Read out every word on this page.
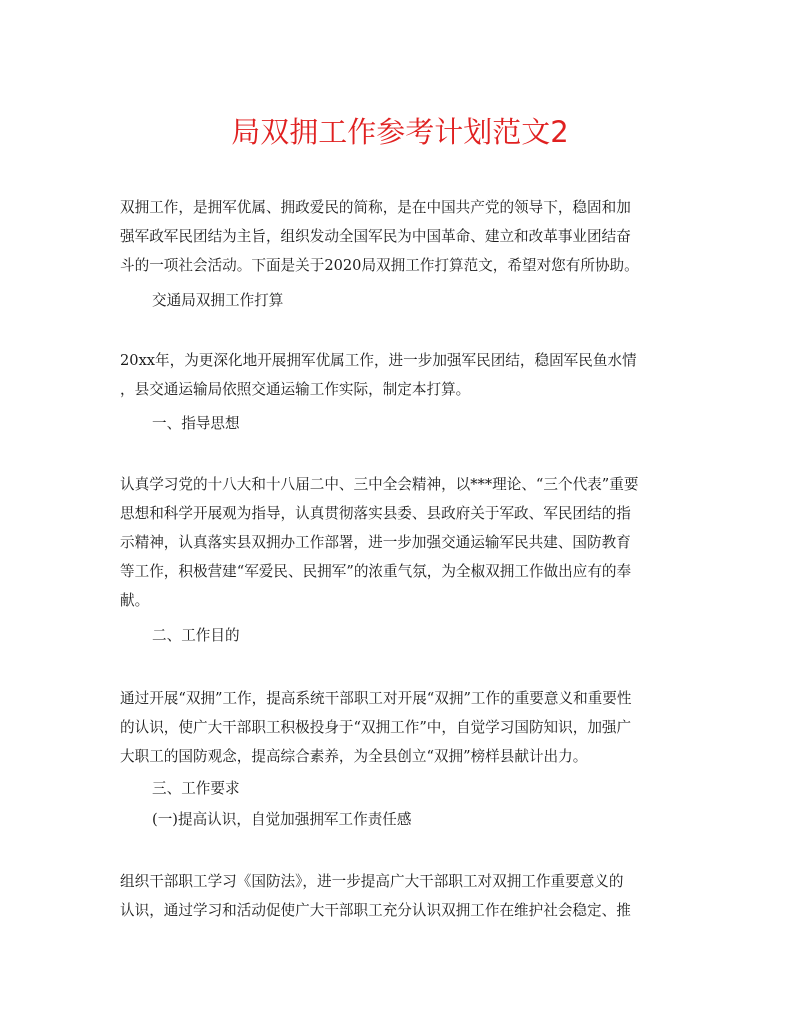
局双拥工作参考计划范文2
双拥工作，是拥军优属、拥政爱民的简称，是在中国共产党的领导下，稳固和加
强军政军民团结为主旨，组织发动全国军民为中国革命、建立和改革事业团结奋
斗的一项社会活动。下面是关于2020局双拥工作打算范文，希望对您有所协助。
交通局双拥工作打算
20xx年，为更深化地开展拥军优属工作，进一步加强军民团结，稳固军民鱼水情
，县交通运输局依照交通运输工作实际，制定本打算。
一、指导思想
认真学习党的十八大和十八届二中、三中全会精神，以***理论、“三个代表”重要
思想和科学开展观为指导，认真贯彻落实县委、县政府关于军政、军民团结的指
示精神，认真落实县双拥办工作部署，进一步加强交通运输军民共建、国防教育
等工作，积极营建“军爱民、民拥军”的浓重气氛，为全椒双拥工作做出应有的奉
献。
二、工作目的
通过开展“双拥”工作，提高系统干部职工对开展“双拥”工作的重要意义和重要性
的认识，使广大干部职工积极投身于“双拥工作”中，自觉学习国防知识，加强广
大职工的国防观念，提高综合素养，为全县创立“双拥”榜样县献计出力。
三、工作要求
(一)提高认识，自觉加强拥军工作责任感
组织干部职工学习《国防法》，进一步提高广大干部职工对双拥工作重要意义的
认识，通过学习和活动促使广大干部职工充分认识双拥工作在维护社会稳定、推
